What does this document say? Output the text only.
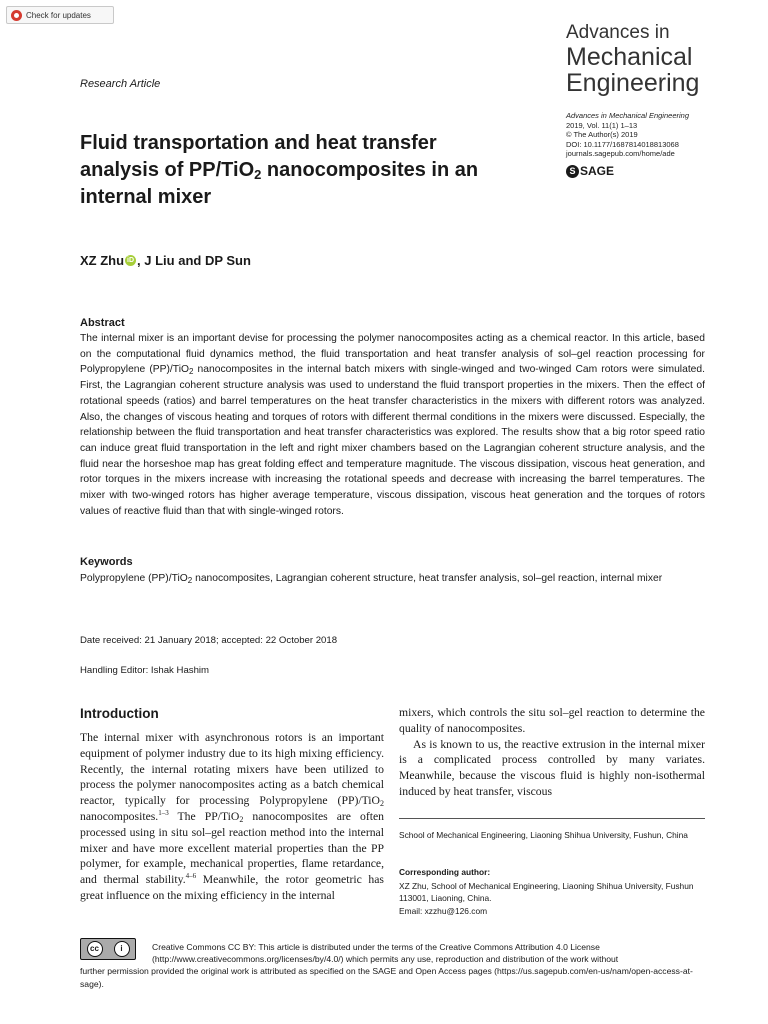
Check for updates
Advances in
Mechanical
Engineering
Research Article
Advances in Mechanical Engineering
2019, Vol. 11(1) 1–13
© The Author(s) 2019
DOI: 10.1177/1687814018813068
journals.sagepub.com/home/ade
S SAGE
Fluid transportation and heat transfer analysis of PP/TiO$_2$ nanocomposites in an internal mixer
XZ Zhu iD , J Liu and DP Sun
Abstract
The internal mixer is an important devise for processing the polymer nanocomposites acting as a chemical reactor. In this article, based on the computational fluid dynamics method, the fluid transportation and heat transfer analysis of sol–gel reaction processing for Polypropylene (PP)/TiO$_2$ nanocomposites in the internal batch mixers with single-winged and two-winged Cam rotors were simulated. First, the Lagrangian coherent structure analysis was used to understand the fluid transport properties in the mixers. Then the effect of rotational speeds (ratios) and barrel temperatures on the heat transfer characteristics in the mixers with different rotors was analyzed. Also, the changes of viscous heating and torques of rotors with different thermal conditions in the mixers were discussed. Especially, the relationship between the fluid transportation and heat transfer characteristics was explored. The results show that a big rotor speed ratio can induce great fluid transportation in the left and right mixer chambers based on the Lagrangian coherent structure analysis, and the fluid near the horseshoe map has great folding effect and temperature magnitude. The viscous dissipation, viscous heat generation, and rotor torques in the mixers increase with increasing the rotational speeds and decrease with increasing the barrel temperatures. The mixer with two-winged rotors has higher average temperature, viscous dissipation, viscous heat generation and the torques of rotors values of reactive fluid than that with single-winged rotors.
Keywords
Polypropylene (PP)/TiO$_2$ nanocomposites, Lagrangian coherent structure, heat transfer analysis, sol–gel reaction, internal mixer
Date received: 21 January 2018; accepted: 22 October 2018
Handling Editor: Ishak Hashim
Introduction
The internal mixer with asynchronous rotors is an important equipment of polymer industry due to its high mixing efficiency. Recently, the internal rotating mixers have been utilized to process the polymer nanocomposites acting as a batch chemical reactor, typically for processing Polypropylene (PP)/TiO$_2$ nanocomposites.$^{1-3}$ The PP/TiO$_2$ nanocomposites are often processed using in situ sol–gel reaction method into the internal mixer and have more excellent material properties than the PP polymer, for example, mechanical properties, flame retardance, and thermal stability.$^{4-6}$ Meanwhile, the rotor geometric has great influence on the mixing efficiency in the internal

mixers, which controls the situ sol–gel reaction to determine the quality of nanocomposites.

As is known to us, the reactive extrusion in the internal mixer is a complicated process controlled by many variates. Meanwhile, because the viscous fluid is highly non-isothermal induced by heat transfer, viscous

School of Mechanical Engineering, Liaoning Shihua University, Fushun, China
Corresponding author:
XZ Zhu, School of Mechanical Engineering, Liaoning Shihua University, Fushun 113001, Liaoning, China.
Email: xzzhu@126.com
cc	i	Creative Commons CC BY: This article is distributed under the terms of the Creative Commons Attribution 4.0 License
(http://www.creativecommons.org/licenses/by/4.0/) which permits any use, reproduction and distribution of the work without
further permission provided the original work is attributed as specified on the SAGE and Open Access pages (https://us.sagepub.com/en-us/nam/open-access-at-sage).
